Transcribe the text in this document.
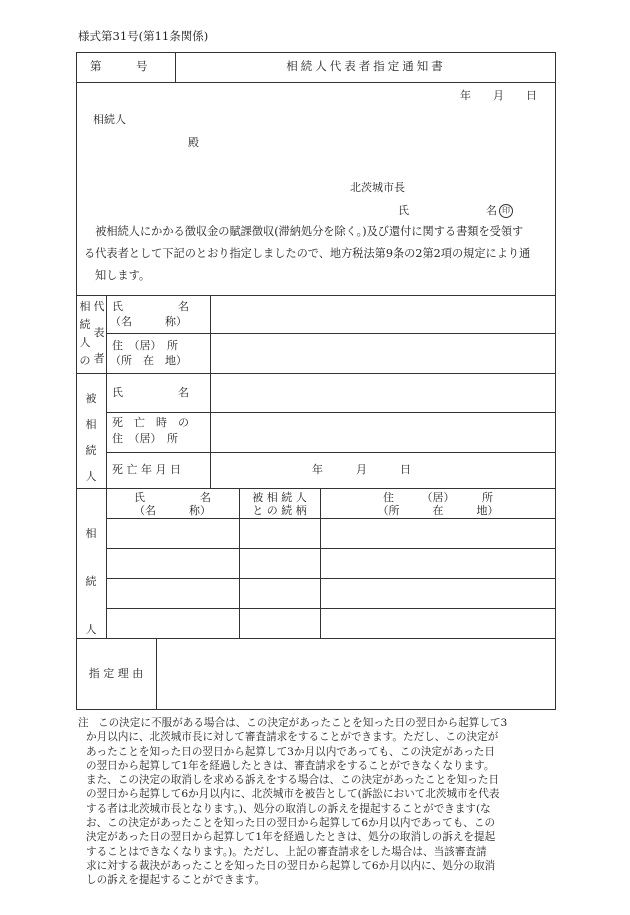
様式第31号(第11条関係)
第　　　号	相続人代表者指定通知書
年　　月　　日
相続人
殿
北茨城市長
氏　　　　　　　名 印
　被相続人にかかる徴収金の賦課徴収(滞納処分を除く。)及び還付に関する書類を受領す
る代表者として下記のとおり指定しましたので、地方税法第9条の2第2項の規定により通
知します。
相
続
人
の
代
表
者
氏　　　　　名
（名　　　称）
住　（居）　所
（所　在　地）
被
相
続
人
氏　　　　　名
死　亡　時　の
住　（居）　所
死 亡 年 月 日	年　　　月　　　日
相
続
人
氏　　　　　名
（名　　　称）
被 相 続 人
と の 続 柄
住　　　（居）　　　所
（所　　　在　　　地）
指 定 理 由
注 この決定に不服がある場合は、この決定があったことを知った日の翌日から起算して3
か月以内に、北茨城市長に対して審査請求をすることができます。ただし、この決定が
あったことを知った日の翌日から起算して3か月以内であっても、この決定があった日
の翌日から起算して1年を経過したときは、審査請求をすることができなくなります。
また、この決定の取消しを求める訴えをする場合は、この決定があったことを知った日
の翌日から起算して6か月以内に、北茨城市を被告として(訴訟において北茨城市を代表
する者は北茨城市長となります。)、処分の取消しの訴えを提起することができます(な
お、この決定があったことを知った日の翌日から起算して6か月以内であっても、この
決定があった日の翌日から起算して1年を経過したときは、処分の取消しの訴えを提起
することはできなくなります。)。ただし、上記の審査請求をした場合は、当該審査請
求に対する裁決があったことを知った日の翌日から起算して6か月以内に、処分の取消
しの訴えを提起することができます。
